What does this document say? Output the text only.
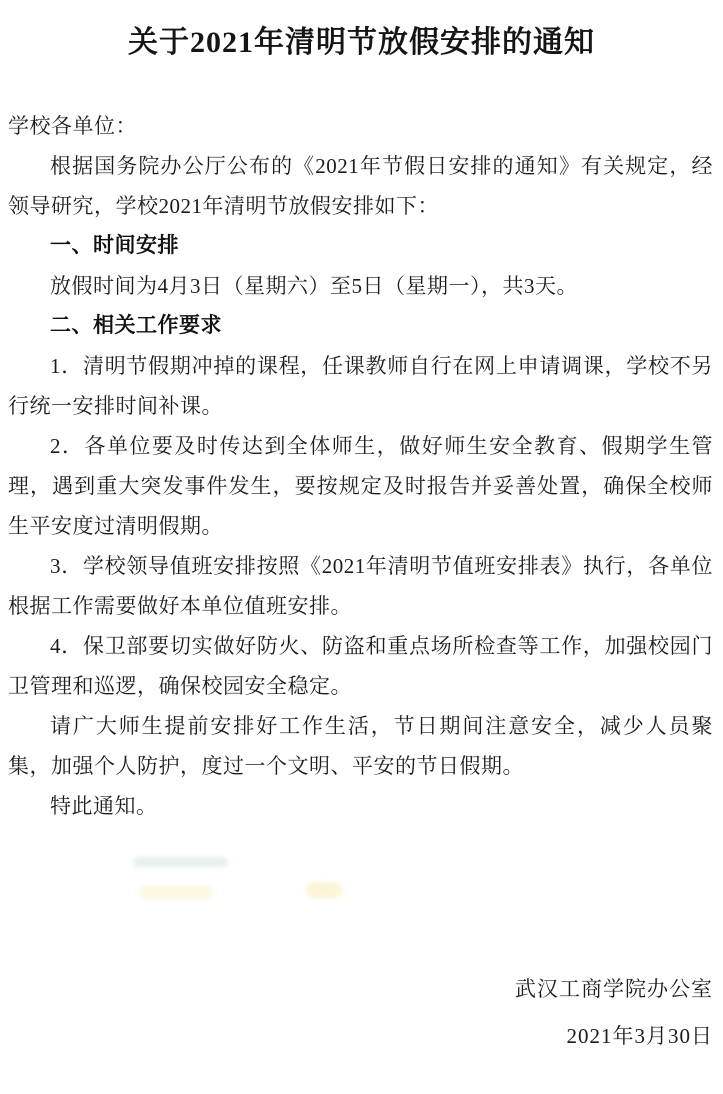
关于2021年清明节放假安排的通知

学校各单位：

根据国务院办公厅公布的《2021年节假日安排的通知》有关规定，经领导研究，学校2021年清明节放假安排如下：

一、时间安排

放假时间为4月3日（星期六）至5日（星期一），共3天。

二、相关工作要求

1．清明节假期冲掉的课程，任课教师自行在网上申请调课，学校不另行统一安排时间补课。

2．各单位要及时传达到全体师生，做好师生安全教育、假期学生管理，遇到重大突发事件发生，要按规定及时报告并妥善处置，确保全校师生平安度过清明假期。

3．学校领导值班安排按照《2021年清明节值班安排表》执行，各单位根据工作需要做好本单位值班安排。

4．保卫部要切实做好防火、防盗和重点场所检查等工作，加强校园门卫管理和巡逻，确保校园安全稳定。

请广大师生提前安排好工作生活，节日期间注意安全，减少人员聚集，加强个人防护，度过一个文明、平安的节日假期。

特此通知。

武汉工商学院办公室

2021年3月30日
